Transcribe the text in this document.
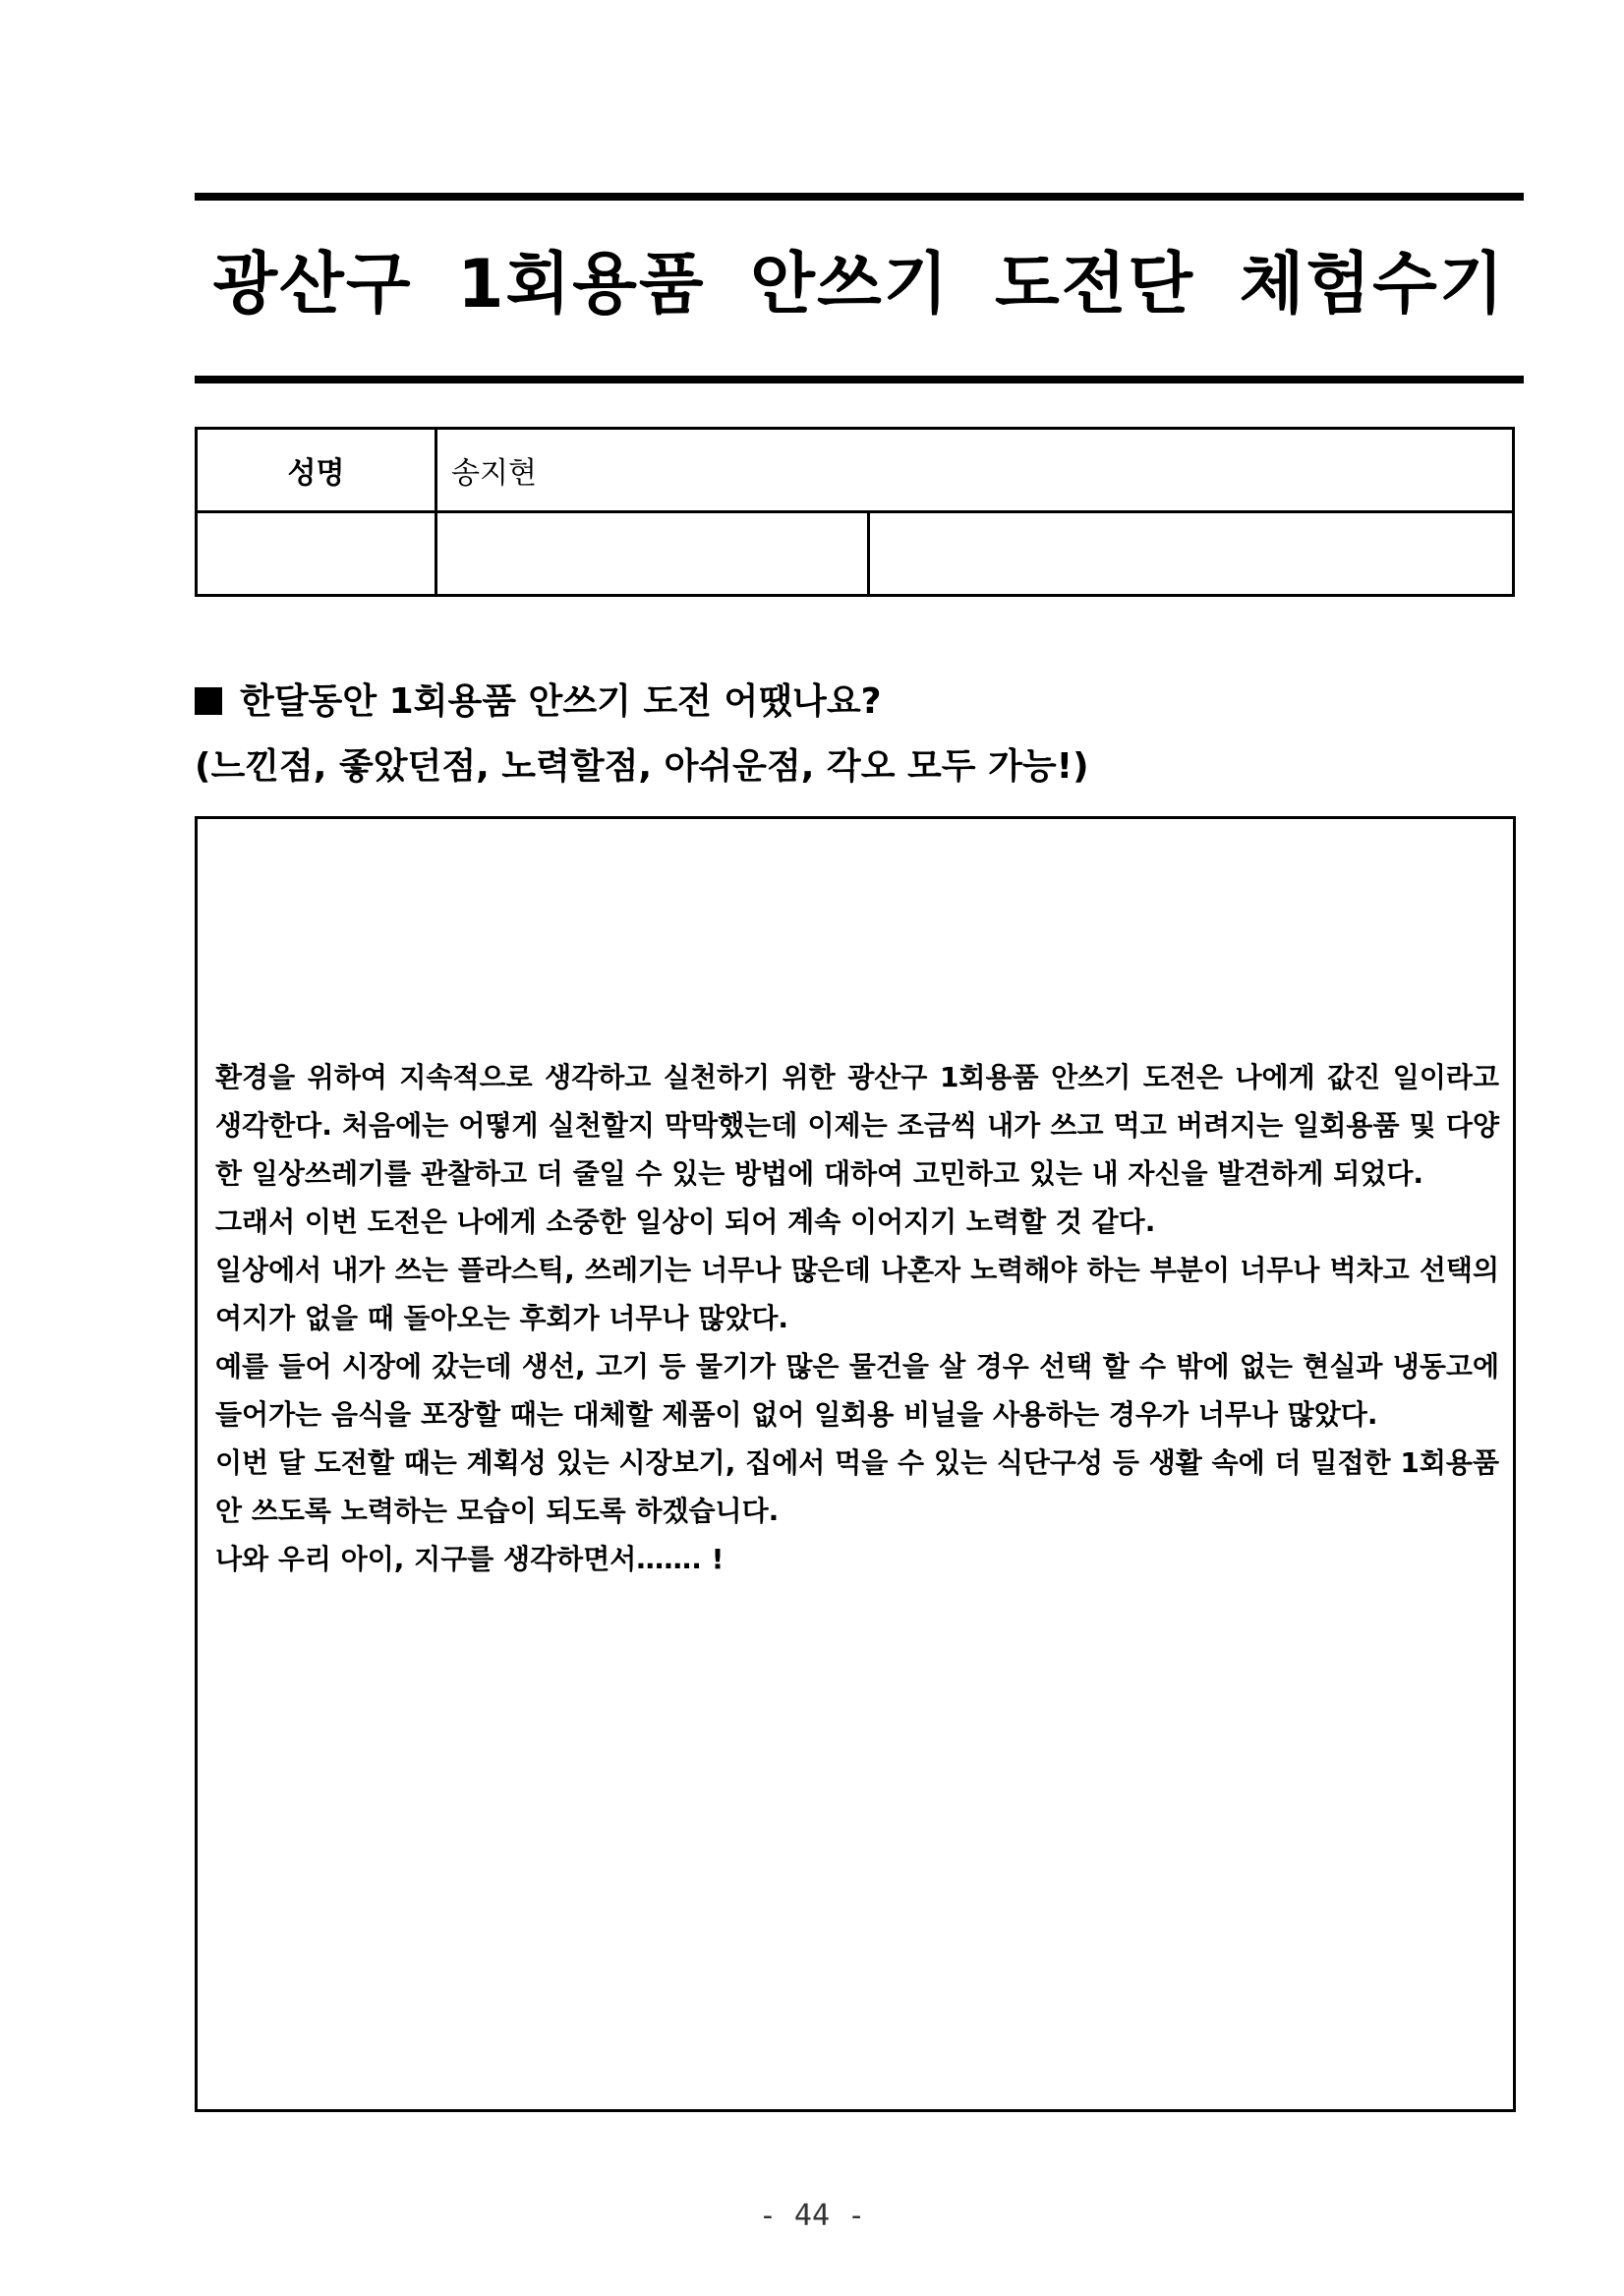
광산구 1회용품 안쓰기 도전단 체험수기
성명	송지현	

한달동안 1회용품 안쓰기 도전 어땠나요?
(느낀점, 좋았던점, 노력할점, 아쉬운점, 각오 모두 가능!)

환경을 위하여 지속적으로 생각하고 실천하기 위한 광산구 1회용품 안쓰기 도전은 나에게 값진 일이라고 생각한다. 처음에는 어떻게 실천할지 막막했는데 이제는 조금씩 내가 쓰고 먹고 버려지는 일회용품 및 다양한 일상쓰레기를 관찰하고 더 줄일 수 있는 방법에 대하여 고민하고 있는 내 자신을 발견하게 되었다.

그래서 이번 도전은 나에게 소중한 일상이 되어 계속 이어지기 노력할 것 같다.

일상에서 내가 쓰는 플라스틱, 쓰레기는 너무나 많은데 나혼자 노력해야 하는 부분이 너무나 벅차고 선택의 여지가 없을 때 돌아오는 후회가 너무나 많았다.

예를 들어 시장에 갔는데 생선, 고기 등 물기가 많은 물건을 살 경우 선택 할 수 밖에 없는 현실과 냉동고에 들어가는 음식을 포장할 때는 대체할 제품이 없어 일회용 비닐을 사용하는 경우가 너무나 많았다.

이번 달 도전할 때는 계획성 있는 시장보기, 집에서 먹을 수 있는 식단구성 등 생활 속에 더 밀접한 1회용품 안 쓰도록 노력하는 모습이 되도록 하겠습니다.

나와 우리 아이, 지구를 생각하면서……. !

- 44 -
